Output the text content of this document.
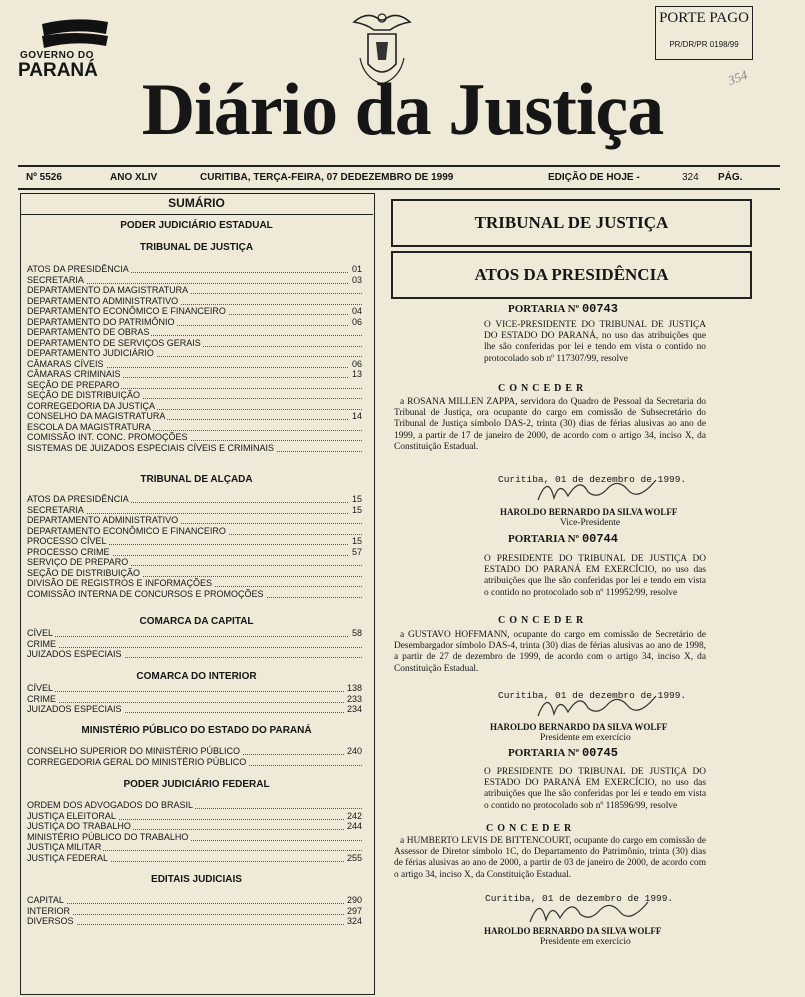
GOVERNO DO
PARANÁ
PORTE PAGO
PR/DR/PR 0198/99
354
Diário da Justiça
Nº 5526	ANO XLIV	CURITIBA, TERÇA-FEIRA, 07 DEDEZEMBRO DE 1999	EDIÇÃO DE HOJE -	324 PÁG.
SUMÁRIO
PODER JUDICIÁRIO ESTADUAL
TRIBUNAL DE JUSTIÇA
ATOS DA PRESIDÊNCIA	01
SECRETARIA	03
DEPARTAMENTO DA MAGISTRATURA
DEPARTAMENTO ADMINISTRATIVO
DEPARTAMENTO ECONÔMICO E FINANCEIRO	04
DEPARTAMENTO DO PATRIMÔNIO	06
DEPARTAMENTO DE OBRAS
DEPARTAMENTO DE SERVIÇOS GERAIS
DEPARTAMENTO JUDICIÁRIO
CÂMARAS CÍVEIS	06
CÂMARAS CRIMINAIS	13
SEÇÃO DE PREPARO
SEÇÃO DE DISTRIBUIÇÃO
CORREGEDORIA DA JUSTIÇA
CONSELHO DA MAGISTRATURA	14
ESCOLA DA MAGISTRATURA
COMISSÃO INT. CONC. PROMOÇÕES
SISTEMAS DE JUIZADOS ESPECIAIS CÍVEIS E CRIMINAIS
TRIBUNAL DE ALÇADA
ATOS DA PRESIDÊNCIA	15
SECRETARIA	15
DEPARTAMENTO ADMINISTRATIVO
DEPARTAMENTO ECONÔMICO E FINANCEIRO
PROCESSO CÍVEL	15
PROCESSO CRIME	57
SERVIÇO DE PREPARO
SEÇÃO DE DISTRIBUIÇÃO
DIVISÃO DE REGISTROS E INFORMAÇÕES
COMISSÃO INTERNA DE CONCURSOS E PROMOÇÕES
COMARCA DA CAPITAL
CÍVEL	58
CRIME
JUIZADOS ESPECIAIS
COMARCA DO INTERIOR
CÍVEL	138
CRIME	233
JUIZADOS ESPECIAIS	234
MINISTÉRIO PÚBLICO DO ESTADO DO PARANÁ
CONSELHO SUPERIOR DO MINISTÉRIO PÚBLICO	240
CORREGEDORIA GERAL DO MINISTÉRIO PÚBLICO
PODER JUDICIÁRIO FEDERAL
ORDEM DOS ADVOGADOS DO BRASIL
JUSTIÇA ELEITORAL	242
JUSTIÇA DO TRABALHO	244
MINISTÉRIO PÚBLICO DO TRABALHO
JUSTIÇA MILITAR
JUSTIÇA FEDERAL	255
EDITAIS JUDICIAIS
CAPITAL	290
INTERIOR	297
DIVERSOS	324
TRIBUNAL DE JUSTIÇA
ATOS DA PRESIDÊNCIA
PORTARIA Nº 00743
O VICE-PRESIDENTE DO TRIBUNAL DE JUSTIÇA DO ESTADO DO PARANÁ, no uso das atribuições que lhe são conferidas por lei e tendo em vista o contido no protocolado sob nº 117307/99, resolve
CONCEDER
a ROSANA MILLEN ZAPPA, servidora do Quadro de Pessoal da Secretaria do Tribunal de Justiça, ora ocupante do cargo em comissão de Subsecretário do Tribunal de Justiça símbolo DAS-2, trinta (30) dias de férias alusivas ao ano de 1999, a partir de 17 de janeiro de 2000, de acordo com o artigo 34, inciso X, da Constituição Estadual.
Curitiba, 01 de dezembro de 1999.
HAROLDO BERNARDO DA SILVA WOLFF
Vice-Presidente
PORTARIA Nº 00744
O PRESIDENTE DO TRIBUNAL DE JUSTIÇA DO ESTADO DO PARANÁ EM EXERCÍCIO, no uso das atribuições que lhe são conferidas por lei e tendo em vista o contido no protocolado sob nº 119952/99, resolve
CONCEDER
a GUSTAVO HOFFMANN, ocupante do cargo em comissão de Secretário de Desembargador símbolo DAS-4, trinta (30) dias de férias alusivas ao ano de 1998, a partir de 27 de dezembro de 1999, de acordo com o artigo 34, inciso X, da Constituição Estadual.
Curitiba, 01 de dezembro de 1999.
HAROLDO BERNARDO DA SILVA WOLFF
Presidente em exercício
PORTARIA Nº 00745
O PRESIDENTE DO TRIBUNAL DE JUSTIÇA DO ESTADO DO PARANÁ EM EXERCÍCIO, no uso das atribuições que lhe são conferidas por lei e tendo em vista o contido no protocolado sob nº 118596/99, resolve
CONCEDER
a HUMBERTO LEVIS DE BITTENCOURT, ocupante do cargo em comissão de Assessor de Diretor símbolo 1C, do Departamento do Patrimônio, trinta (30) dias de férias alusivas ao ano de 2000, a partir de 03 de janeiro de 2000, de acordo com o artigo 34, inciso X, da Constituição Estadual.
Curitiba, 01 de dezembro de 1999.
HAROLDO BERNARDO DA SILVA WOLFF
Presidente em exercício
